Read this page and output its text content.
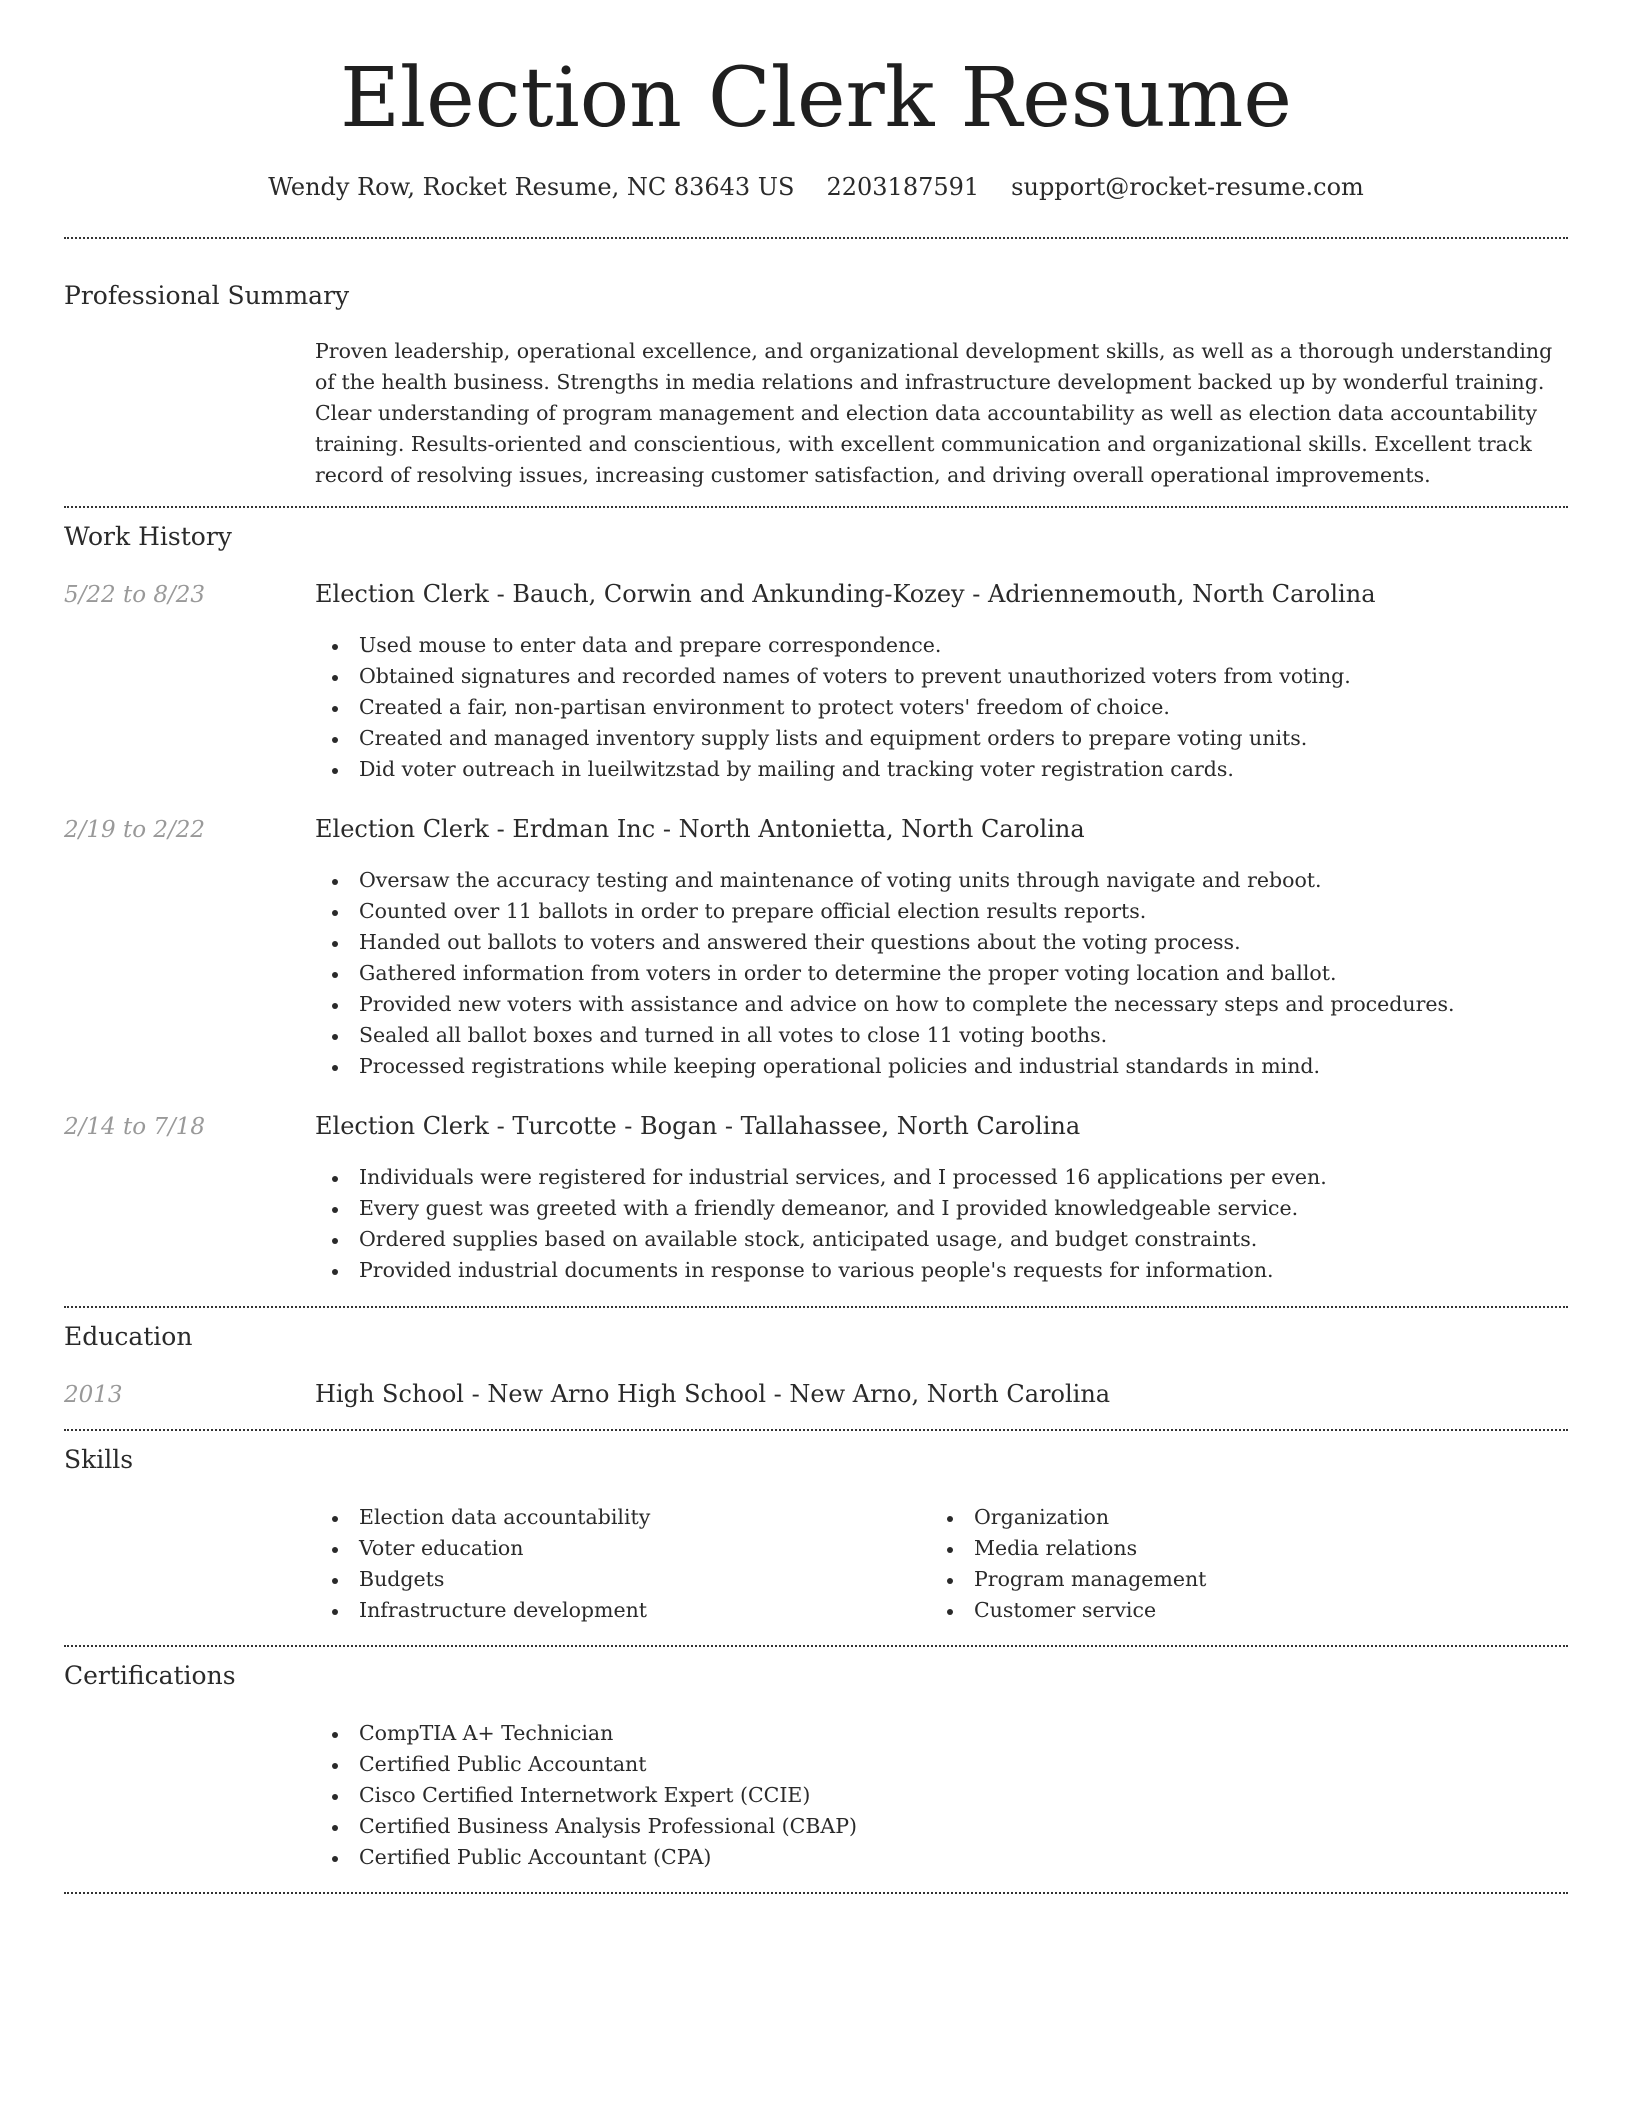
Election Clerk Resume
Wendy Row, Rocket Resume, NC 83643 US 2203187591 support@rocket-resume.com
Professional Summary

Proven leadership, operational excellence, and organizational development skills, as well as a thorough understanding of the health business. Strengths in media relations and infrastructure development backed up by wonderful training. Clear understanding of program management and election data accountability as well as election data accountability training. Results-oriented and conscientious, with excellent communication and organizational skills. Excellent track record of resolving issues, increasing customer satisfaction, and driving overall operational improvements.

Work History
5/22 to 8/23	Election Clerk - Bauch, Corwin and Ankunding-Kozey - Adriennemouth, North Carolina
Used mouse to enter data and prepare correspondence.
Obtained signatures and recorded names of voters to prevent unauthorized voters from voting.
Created a fair, non-partisan environment to protect voters' freedom of choice.
Created and managed inventory supply lists and equipment orders to prepare voting units.
Did voter outreach in lueilwitzstad by mailing and tracking voter registration cards.
2/19 to 2/22	Election Clerk - Erdman Inc - North Antonietta, North Carolina
Oversaw the accuracy testing and maintenance of voting units through navigate and reboot.
Counted over 11 ballots in order to prepare official election results reports.
Handed out ballots to voters and answered their questions about the voting process.
Gathered information from voters in order to determine the proper voting location and ballot.
Provided new voters with assistance and advice on how to complete the necessary steps and procedures.
Sealed all ballot boxes and turned in all votes to close 11 voting booths.
Processed registrations while keeping operational policies and industrial standards in mind.
2/14 to 7/18	Election Clerk - Turcotte - Bogan - Tallahassee, North Carolina
Individuals were registered for industrial services, and I processed 16 applications per even.
Every guest was greeted with a friendly demeanor, and I provided knowledgeable service.
Ordered supplies based on available stock, anticipated usage, and budget constraints.
Provided industrial documents in response to various people's requests for information.
Education
2013	High School - New Arno High School - New Arno, North Carolina
Skills
Election data accountability
Voter education
Budgets
Infrastructure development
Organization
Media relations
Program management
Customer service
Certifications
CompTIA A+ Technician
Certified Public Accountant
Cisco Certified Internetwork Expert (CCIE)
Certified Business Analysis Professional (CBAP)
Certified Public Accountant (CPA)
